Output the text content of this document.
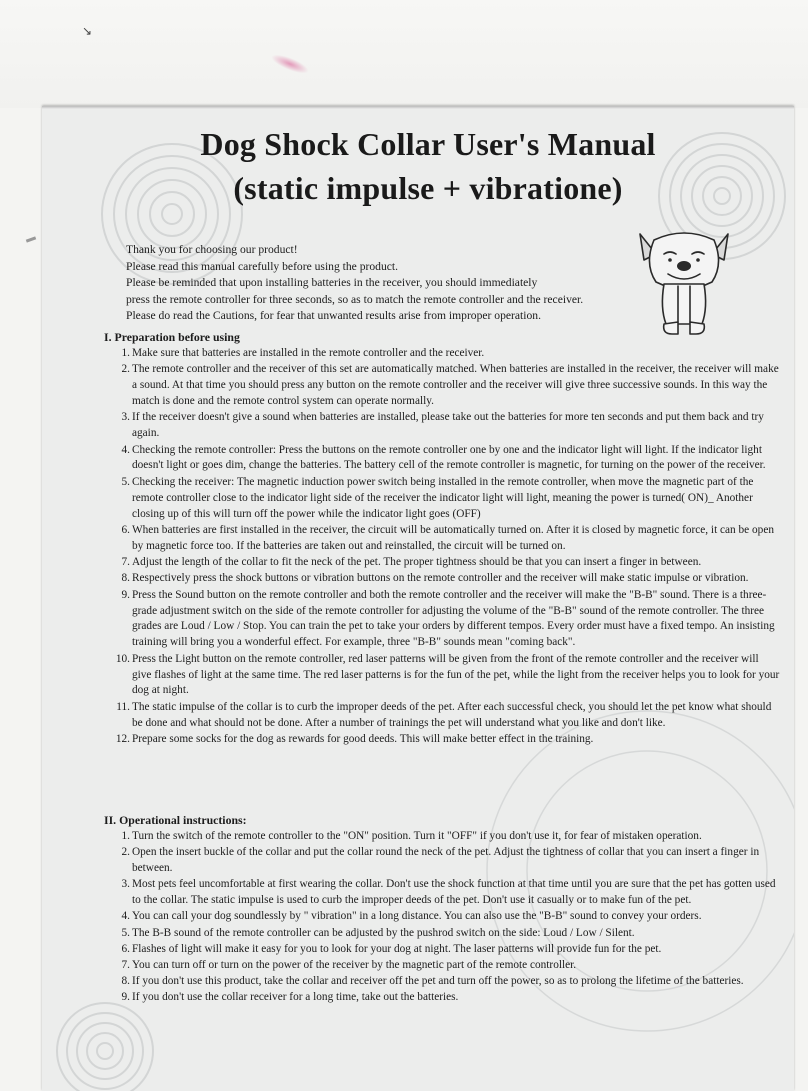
↘
Dog Shock Collar User's Manual
(static impulse + vibratione)
Thank you for choosing our product!
Please read this manual carefully before using the product.
Please be reminded that upon installing batteries in the receiver, you should immediately
press the remote controller for three seconds, so as to match the remote controller and the receiver.
Please do read the Cautions, for fear that unwanted results arise from improper operation.

I. Preparation before using

1. Make sure that batteries are installed in the remote controller and the receiver.
2. The remote controller and the receiver of this set are automatically matched. When batteries are installed in the receiver, the receiver will make a sound. At that time you should press any button on the remote controller and the receiver will give three successive sounds. In this way the match is done and the remote control system can operate normally.
3. If the receiver doesn't give a sound when batteries are installed, please take out the batteries for more ten seconds and put them back and try again.
4. Checking the remote controller: Press the buttons on the remote controller one by one and the indicator light will light. If the indicator light doesn't light or goes dim, change the batteries. The battery cell of the remote controller is magnetic, for turning on the power of the receiver.
5. Checking the receiver: The magnetic induction power switch being installed in the remote controller, when move the magnetic part of the remote controller close to the indicator light side of the receiver the indicator light will light, meaning the power is turned( ON)_ Another closing up of this will turn off the power while the indicator light goes (OFF)
6. When batteries are first installed in the receiver, the circuit will be automatically turned on. After it is closed by magnetic force, it can be open by magnetic force too. If the batteries are taken out and reinstalled, the circuit will be turned on.
7. Adjust the length of the collar to fit the neck of the pet. The proper tightness should be that you can insert a finger in between.
8. Respectively press the shock buttons or vibration buttons on the remote controller and the receiver will make static impulse or vibration.
9. Press the Sound button on the remote controller and both the remote controller and the receiver will make the "B-B" sound. There is a three-grade adjustment switch on the side of the remote controller for adjusting the volume of the "B-B" sound of the remote controller. The three grades are Loud / Low / Stop. You can train the pet to take your orders by different tempos. Every order must have a fixed tempo. An insisting training will bring you a wonderful effect. For example, three "B-B" sounds mean "coming back".
10. Press the Light button on the remote controller, red laser patterns will be given from the front of the remote controller and the receiver will give flashes of light at the same time. The red laser patterns is for the fun of the pet, while the light from the receiver helps you to look for your dog at night.
11. The static impulse of the collar is to curb the improper deeds of the pet. After each successful check, you should let the pet know what should be done and what should not be done. After a number of trainings the pet will understand what you like and don't like.
12. Prepare some socks for the dog as rewards for good deeds. This will make better effect in the training.

II. Operational instructions:

1. Turn the switch of the remote controller to the "ON" position. Turn it "OFF" if you don't use it, for fear of mistaken operation.
2. Open the insert buckle of the collar and put the collar round the neck of the pet. Adjust the tightness of collar that you can insert a finger in between.
3. Most pets feel uncomfortable at first wearing the collar. Don't use the shock function at that time until you are sure that the pet has gotten used to the collar. The static impulse is used to curb the improper deeds of the pet. Don't use it casually or to make fun of the pet.
4. You can call your dog soundlessly by " vibration" in a long distance. You can also use the "B-B" sound to convey your orders.
5. The B-B sound of the remote controller can be adjusted by the pushrod switch on the side: Loud / Low / Silent.
6. Flashes of light will make it easy for you to look for your dog at night. The laser patterns will provide fun for the pet.
7. You can turn off or turn on the power of the receiver by the magnetic part of the remote controller.
8. If you don't use this product, take the collar and receiver off the pet and turn off the power, so as to prolong the lifetime of the batteries.
9. If you don't use the collar receiver for a long time, take out the batteries.
